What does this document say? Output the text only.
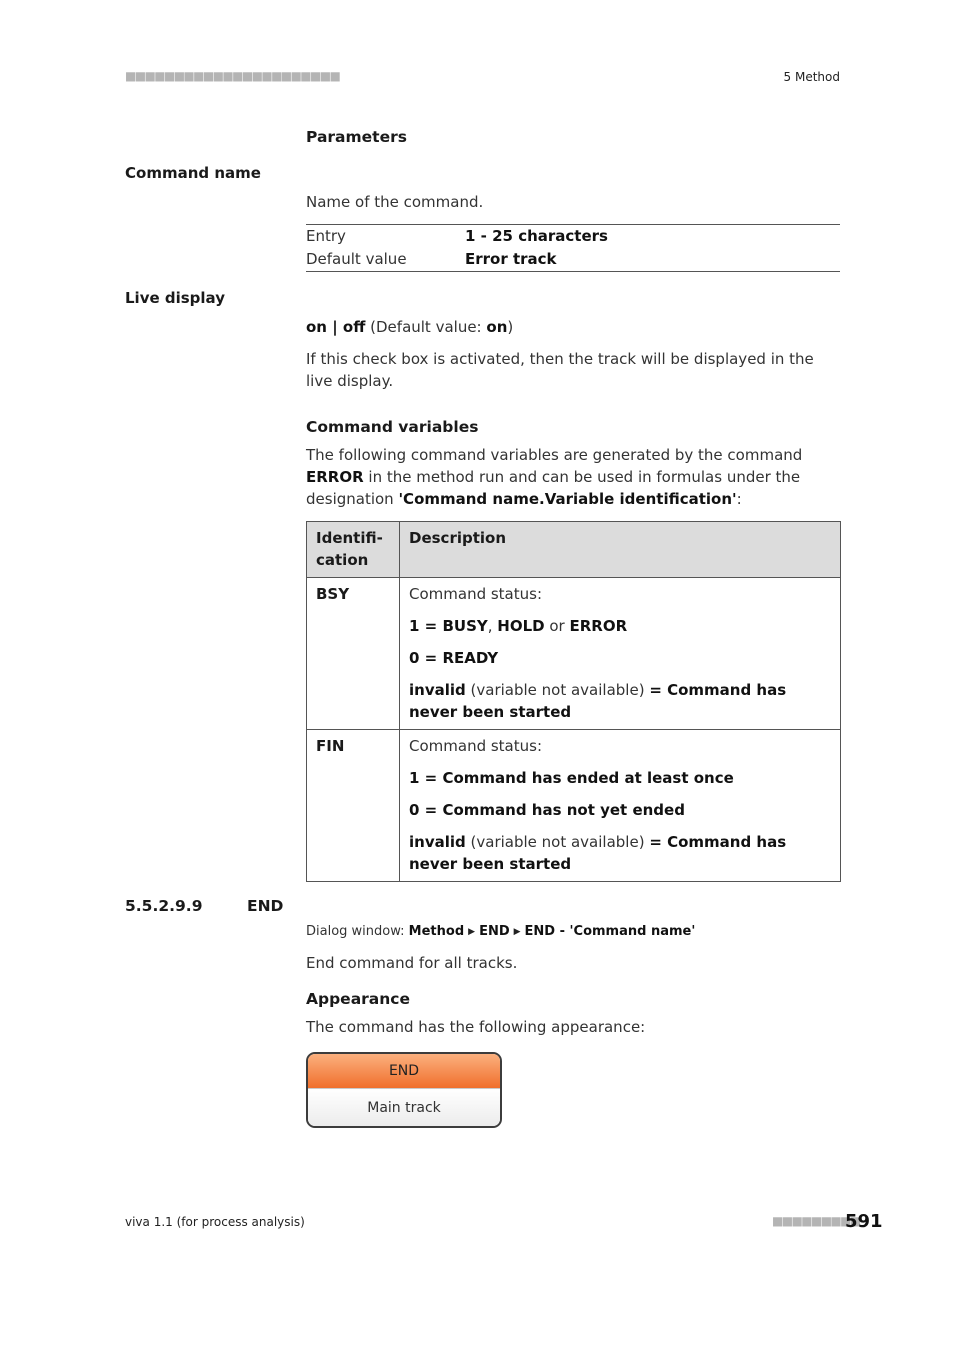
■■■■■■■■■■■■■■■■■■■■■■	5 Method
Parameters
Command name
Name of the command.
Entry	1 - 25 characters
Default value	Error track
Live display
on | off (Default value: on)
If this check box is activated, then the track will be displayed in the live display.
Command variables
The following command variables are generated by the command ERROR in the method run and can be used in formulas under the designation 'Command name.Variable identification':
Identifi-cation	Description
BSY	Command status:
1 = BUSY, HOLD or ERROR
0 = READY
invalid (variable not available) = Command has never been started

FIN	Command status:
1 = Command has ended at least once
0 = Command has not yet ended
invalid (variable not available) = Command has never been started
5.5.2.9.9	END
Dialog window: Method ▶ END ▶ END - 'Command name'
End command for all tracks.
Appearance
The command has the following appearance:
END
Main track
viva 1.1 (for process analysis)	■■■■■■■■■
591
